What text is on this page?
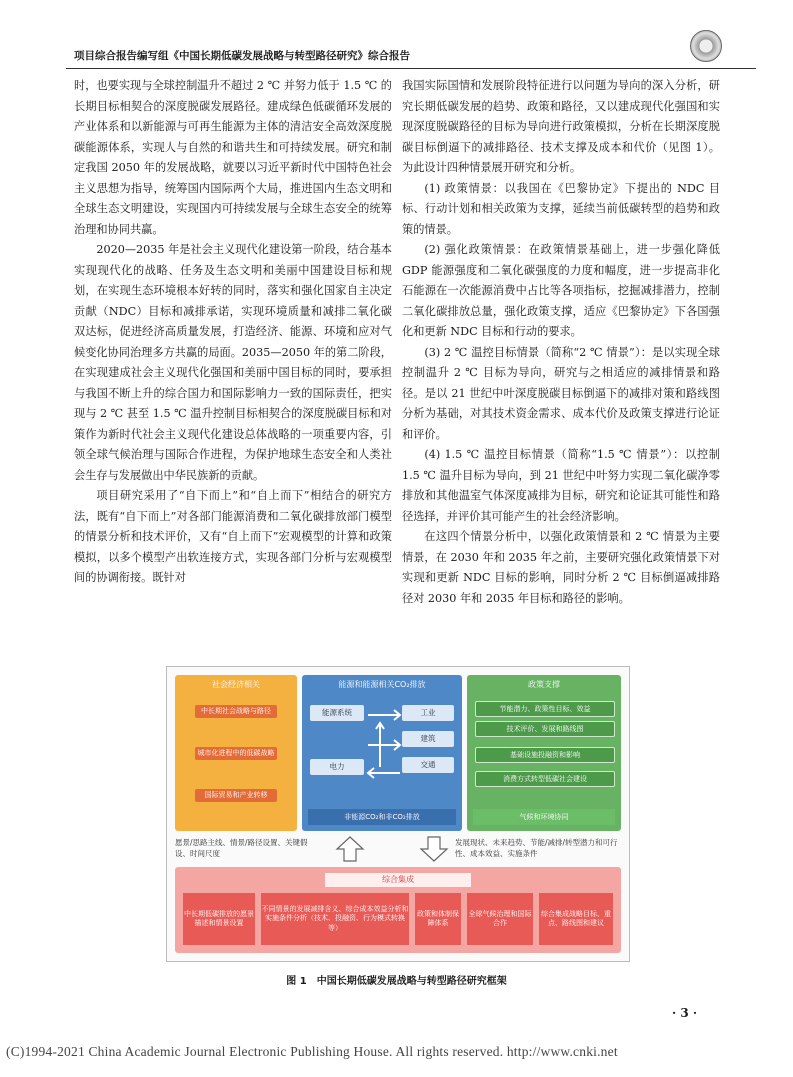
项目综合报告编写组《中国长期低碳发展战略与转型路径研究》综合报告

时，也要实现与全球控制温升不超过 2 ℃ 并努力低于 1.5 ℃ 的长期目标相契合的深度脱碳发展路径。建成绿色低碳循环发展的产业体系和以新能源与可再生能源为主体的清洁安全高效深度脱碳能源体系，实现人与自然的和谐共生和可持续发展。研究和制定我国 2050 年的发展战略，就要以习近平新时代中国特色社会主义思想为指导，统筹国内国际两个大局，推进国内生态文明和全球生态文明建设，实现国内可持续发展与全球生态安全的统筹治理和协同共赢。

2020—2035 年是社会主义现代化建设第一阶段，结合基本实现现代化的战略、任务及生态文明和美丽中国建设目标和规划，在实现生态环境根本好转的同时，落实和强化国家自主决定贡献（NDC）目标和减排承诺，实现环境质量和减排二氧化碳双达标，促进经济高质量发展，打造经济、能源、环境和应对气候变化协同治理多方共赢的局面。2035—2050 年的第二阶段，在实现建成社会主义现代化强国和美丽中国目标的同时，要承担与我国不断上升的综合国力和国际影响力一致的国际责任，把实现与 2 ℃ 甚至 1.5 ℃ 温升控制目标相契合的深度脱碳目标和对策作为新时代社会主义现代化建设总体战略的一项重要内容，引领全球气候治理与国际合作进程，为保护地球生态安全和人类社会生存与发展做出中华民族新的贡献。

项目研究采用了“自下而上”和“自上而下”相结合的研究方法，既有“自下而上”对各部门能源消费和二氧化碳排放部门模型的情景分析和技术评价，又有“自上而下”宏观模型的计算和政策模拟，以多个模型产出软连接方式，实现各部门分析与宏观模型间的协调衔接。既针对

我国实际国情和发展阶段特征进行以问题为导向的深入分析，研究长期低碳发展的趋势、政策和路径，又以建成现代化强国和实现深度脱碳路径的目标为导向进行政策模拟，分析在长期深度脱碳目标倒逼下的减排路径、技术支撑及成本和代价（见图 1）。为此设计四种情景展开研究和分析。

(1) 政策情景：以我国在《巴黎协定》下提出的 NDC 目标、行动计划和相关政策为支撑，延续当前低碳转型的趋势和政策的情景。

(2) 强化政策情景：在政策情景基础上，进一步强化降低 GDP 能源强度和二氧化碳强度的力度和幅度，进一步提高非化石能源在一次能源消费中占比等各项指标，挖掘减排潜力，控制二氧化碳排放总量，强化政策支撑，适应《巴黎协定》下各国强化和更新 NDC 目标和行动的要求。

(3) 2 ℃ 温控目标情景（简称“2 ℃ 情景”）：是以实现全球控制温升 2 ℃ 目标为导向，研究与之相适应的减排情景和路径。是以 21 世纪中叶深度脱碳目标倒逼下的减排对策和路线图分析为基础，对其技术资金需求、成本代价及政策支撑进行论证和评价。

(4) 1.5 ℃ 温控目标情景（简称“1.5 ℃ 情景”）：以控制 1.5 ℃ 温升目标为导向，到 21 世纪中叶努力实现二氧化碳净零排放和其他温室气体深度减排为目标，研究和论证其可能性和路径选择，并评价其可能产生的社会经济影响。

在这四个情景分析中，以强化政策情景和 2 ℃ 情景为主要情景，在 2030 年和 2035 年之前，主要研究强化政策情景下对实现和更新 NDC 目标的影响，同时分析 2 ℃ 目标倒逼减排路径对 2030 年和 2035 年目标和路径的影响。

社会经济相关
中长期社会战略与路径
城市化进程中的低碳战略
国际贸易和产业转移
能源和能源相关CO₂排放
能源系统
电力
工业
建筑
交通
非能源CO₂和非CO₂排放
政策支撑
节能潜力、政策性目标、效益
技术评价、发展和路线图
基础设施投融资和影响
消费方式转型低碳社会建设
气候和环境协同
愿景/思路主线、情景/路径设置、关键假设、时间尺度
发展现状、未来趋势、节能/减排/转型潜力和可行性、成本效益、实施条件
综合集成
中长期低碳排放的愿景描述和情景设置
不同情景的发展减排含义、综合成本效益分析和实施条件分析（技术、投融资、行为模式转换等）
政策和体制保障体系
全球气候治理和国际合作
综合集成战略目标、重点、路线图和建议
图 1　中国长期低碳发展战略与转型路径研究框架
· 3 ·
(C)1994-2021 China Academic Journal Electronic Publishing House. All rights reserved. http://www.cnki.net
